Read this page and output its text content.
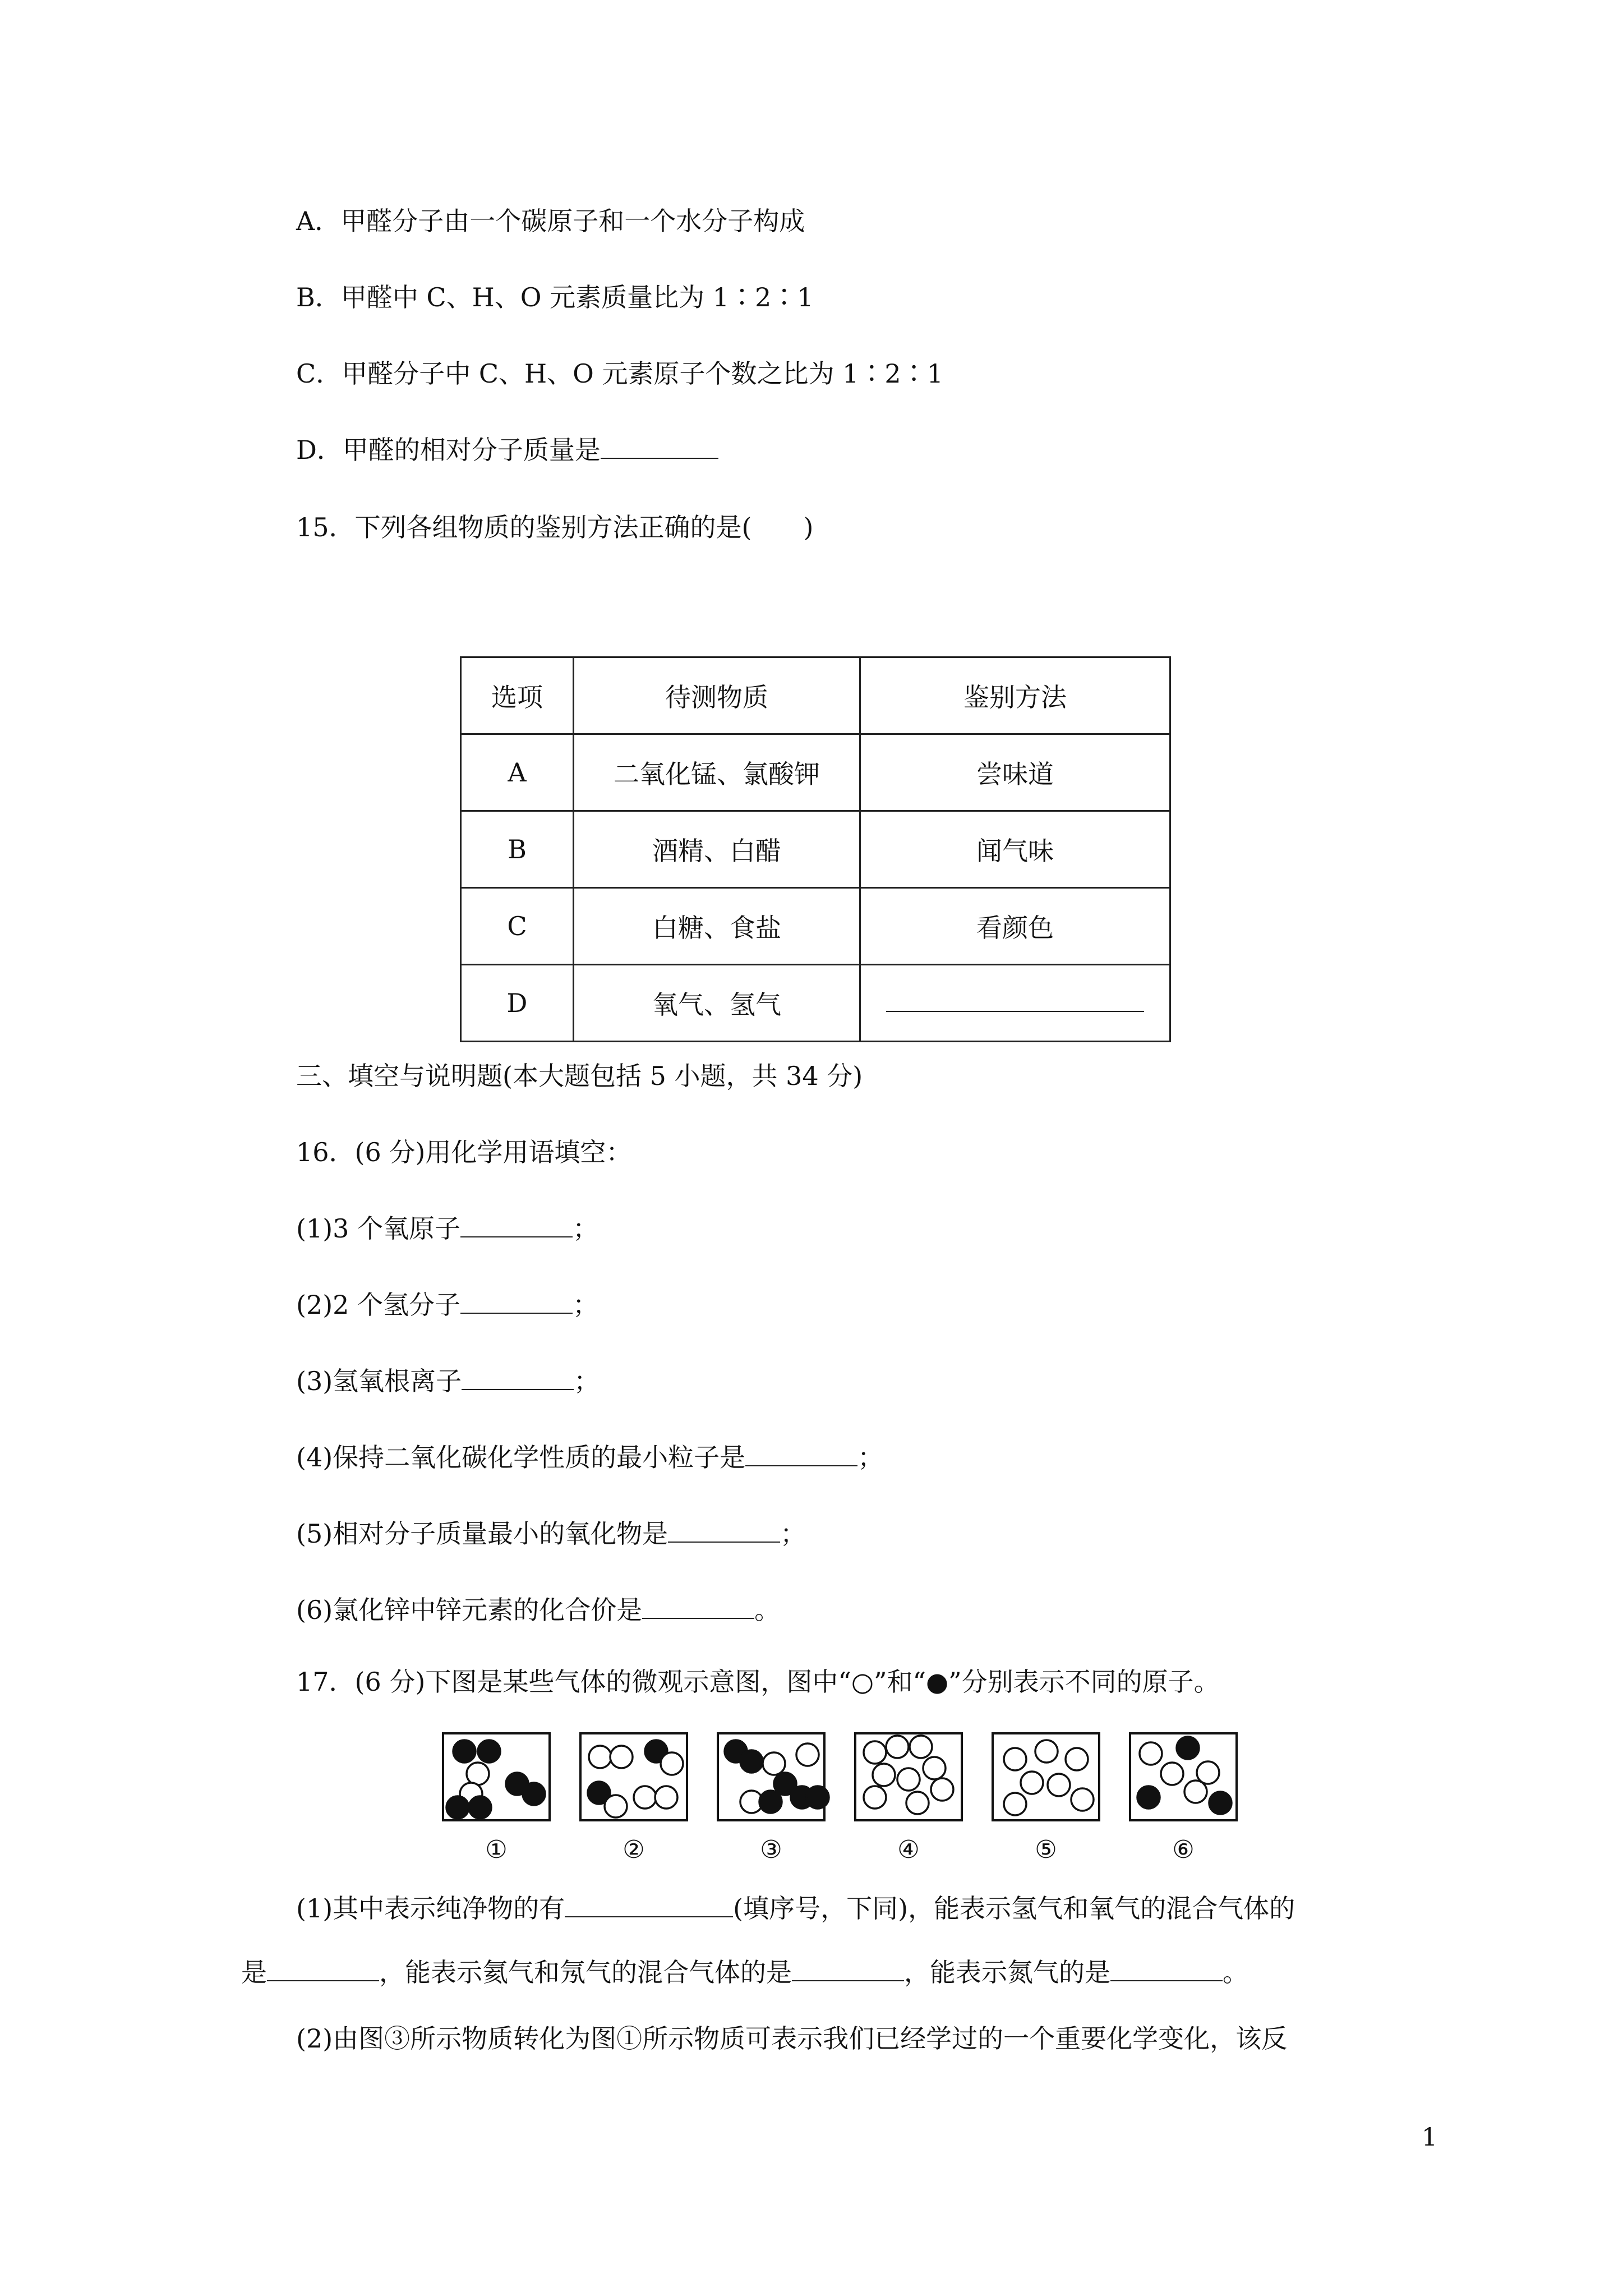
A．甲醛分子由一个碳原子和一个水分子构成
B．甲醛中 C、H、O 元素质量比为 1∶2∶1
C．甲醛分子中 C、H、O 元素原子个数之比为 1∶2∶1
D．甲醛的相对分子质量是
15．下列各组物质的鉴别方法正确的是(　　)
选项	待测物质	鉴别方法
A	二氧化锰、氯酸钾	尝味道
B	酒精、白醋	闻气味
C	白糖、食盐	看颜色
D	氧气、氢气	
三、填空与说明题(本大题包括 5 小题，共 34 分)
16．(6 分)用化学用语填空：
(1)3 个氧原子	；
(2)2 个氢分子	；
(3)氢氧根离子	；
(4)保持二氧化碳化学性质的最小粒子是	；
(5)相对分子质量最小的氧化物是	；
(6)氯化锌中锌元素的化合价是	。
17．(6 分)下图是某些气体的微观示意图，图中“○”和“●”分别表示不同的原子。
①	②	③	④	⑤	⑥
(1)其中表示纯净物的有	(填序号，下同)，能表示氢气和氧气的混合气体的
是	，能表示氦气和氖气的混合气体的是	，能表示氮气的是	。
(2)由图③所示物质转化为图①所示物质可表示我们已经学过的一个重要化学变化，该反
1
